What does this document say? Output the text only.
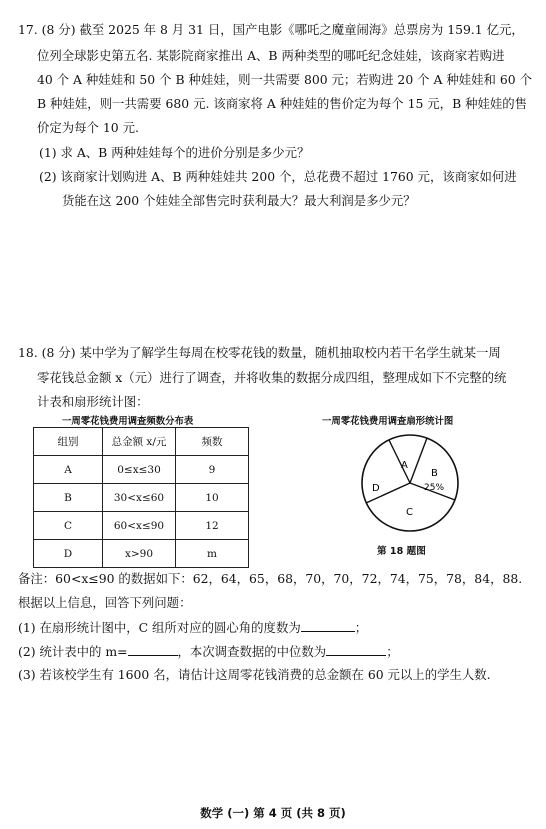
17. (8 分) 截至 2025 年 8 月 31 日，国产电影《哪吒之魔童闹海》总票房为 159.1 亿元，
位列全球影史第五名. 某影院商家推出 A、B 两种类型的哪吒纪念娃娃，该商家若购进
40 个 A 种娃娃和 50 个 B 种娃娃，则一共需要 800 元；若购进 20 个 A 种娃娃和 60 个
B 种娃娃，则一共需要 680 元. 该商家将 A 种娃娃的售价定为每个 15 元，B 种娃娃的售
价定为每个 10 元.
(1) 求 A、B 两种娃娃每个的进价分别是多少元？
(2) 该商家计划购进 A、B 两种娃娃共 200 个，总花费不超过 1760 元，该商家如何进
货能在这 200 个娃娃全部售完时获利最大？最大利润是多少元？
18. (8 分) 某中学为了解学生每周在校零花钱的数量，随机抽取校内若干名学生就某一周
零花钱总金额 x（元）进行了调查，并将收集的数据分成四组，整理成如下不完整的统
计表和扇形统计图：
一周零花钱费用调查频数分布表	一周零花钱费用调查扇形统计图
组别	总金额 x/元	频数
A	0≤x≤30	9
B	30<x≤60	10
C	60<x≤90	12
D	x>90	m
A
B
25%
C
D
第 18 题图
备注：60<x≤90 的数据如下：62，64，65，68，70，70，72，74，75，78，84，88.
根据以上信息，回答下列问题：
(1) 在扇形统计图中，C 组所对应的圆心角的度数为	；
(2) 统计表中的 m=	，本次调查数据的中位数为	；
(3) 若该校学生有 1600 名，请估计这周零花钱消费的总金额在 60 元以上的学生人数.
数学 (一) 第 4 页 (共 8 页)
